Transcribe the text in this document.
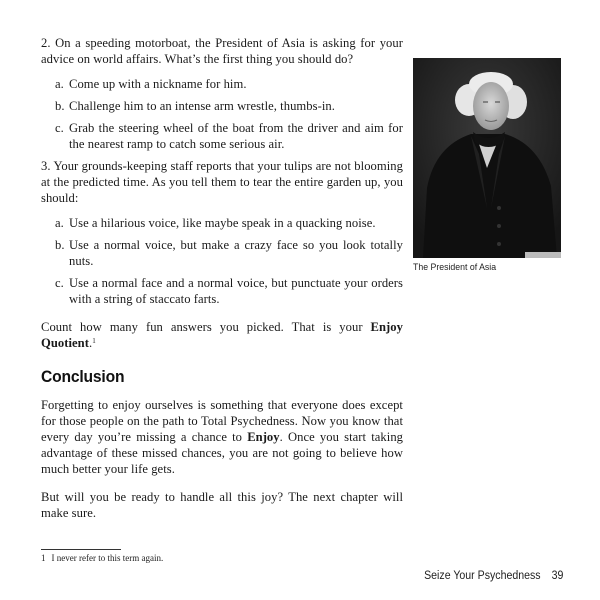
2. On a speeding motorboat, the President of Asia is asking for your advice on world affairs. What’s the first thing you should do?

a. Come up with a nickname for him.
b. Challenge him to an intense arm wrestle, thumbs-in.
c. Grab the steering wheel of the boat from the driver and aim for the nearest ramp to catch some serious air.

3. Your grounds-keeping staff reports that your tulips are not blooming at the predicted time. As you tell them to tear the entire garden up, you should:

a. Use a hilarious voice, like maybe speak in a quacking noise.
b. Use a normal voice, but make a crazy face so you look totally nuts.
c. Use a normal face and a normal voice, but punctuate your orders with a string of staccato farts.

Count how many fun answers you picked. That is your Enjoy Quotient.$^1$

Conclusion

Forgetting to enjoy ourselves is something that everyone does except for those people on the path to Total Psychedness. Now you know that every day you’re missing a chance to Enjoy. Once you start taking advantage of these missed chances, you are not going to believe how much better your life gets.

But will you be ready to handle all this joy? The next chapter will make sure.

The President of Asia
1 I never refer to this term again.
Seize Your Psychedness 39
